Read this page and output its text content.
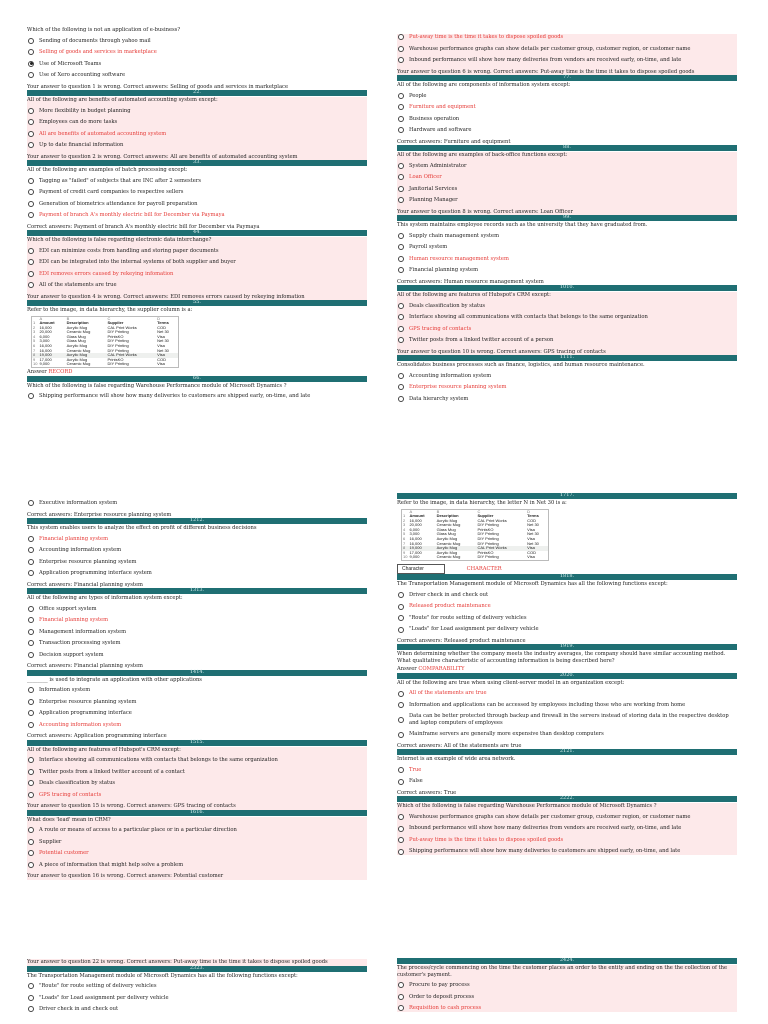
Which of the following is not an application of e-business?
Sending of documents through yahoo mail
Selling of goods and services in marketplace
Use of Microsoft Teams
Use of Xero accounting software
Your answer to question 1 is wrong. Correct answers: Selling of goods and services in marketplace
22.
All of the following are benefits of automated accounting system except:
More flexibility in budget planning
Employees can do more tasks
All are benefits of automated accounting system
Up to date financial information
Your answer to question 2 is wrong. Correct answers: All are benefits of automated accounting system
33.
All of the following are examples of batch processing except:
Tagging as "failed" of subjects that are INC after 2 semesters
Payment of credit card companies to respective sellers
Generation of biometrics attendance for payroll preparation
Payment of branch A's monthly electric bill for December via Paymaya
Correct answers: Payment of branch A's monthly electric bill for December via Paymaya
44.
Which of the following is false regarding electronic data interchange?
EDI can minimize costs from handling and storing paper documents
EDI can be integrated into the internal systems of both supplier and buyer
EDI removes errors caused by rekeying infomation
All of the statements are true
Your answer to question 4 is wrong. Correct answers: EDI removes errors caused by rekeying infomation
55.
Refer to the image, in data hierarchy, the supplier column is a:
	A	B	C	D
1	Amount	Description	Supplier	Terms
2	16,000	Acrylic Mug	CAL Print Works	COD
3	20,000	Ceramic Mug	DIY Printing	Net 30
4	6,000	Glass Mug	PrintsKO	Visa
5	3,000	Glass Mug	DIY Printing	Net 30
6	16,000	Acrylic Mug	DIY Printing	Visa
7	16,000	Ceramic Mug	DIY Printing	Net 30
8	19,000	Acrylic Mug	CAL Print Works	Visa
9	17,000	Acrylic Mug	PrintsKO	COD
10	9,000	Ceramic Mug	DIY Printing	Visa
Answer RECORD
66.
Which of the following is false regarding Warehouse Performance module of Microsoft Dynamics ?
Shipping performance will show how many deliveries to customers are shipped early, on-time, and late
Put-away time is the time it takes to dispose spoiled goods
Warehouse performance graphs can show details per customer group, customer region, or customer name
Inbound performance will show how many deliveries from vendors are received early, on-time, and late
Your answer to question 6 is wrong. Correct answers: Put-away time is the time it takes to dispose spoiled goods
77.
All of the following are components of information system except:
People
Furniture and equipment
Business operation
Hardware and software
Correct answers: Furniture and equipment
88.
All of the following are examples of back-office functions except:
System Administrator
Loan Officer
Janitorial Services
Planning Manager
Your answer to question 8 is wrong. Correct answers: Loan Officer
99.
This system maintains employee records such as the university that they have graduated from.
Supply chain management system
Payroll system
Human resource management system
Financial planning system
Correct answers: Human resource management system
1010.
All of the following are features of Hubspot's CRM except:
Deals classification by status
Interface showing all communications with contacts that belongs to the same organization
GPS tracing of contacts
Twitter posts from a linked twitter account of a person
Your answer to question 10 is wrong. Correct answers: GPS tracing of contacts
1111.
Consolidates business processes such as finance, logistics, and human resource maintenance.
Accounting information system
Enterprise resource planning system
Data hierarchy system
Executive information system
Correct answers: Enterprise resource planning system
1212.
This system enables users to analyze the effect on profit of different business decisions
Financial planning system
Accounting information system
Enterprise resource planning system
Application programming interface system
Correct answers: Financial planning system
1313.
All of the following are types of information system except:
Office support system
Financial planning system
Management information system
Transaction processing system
Decision support system
Correct answers: Financial planning system
1414.
________ is used to integrate an application with other applications
Information system
Enterprise resource planning system
Application programming interface
Accounting information system
Correct answers: Application programming interface
1515.
All of the following are features of Hubspot's CRM except:
Interface showing all communications with contacts that belongs to the same organization
Twitter posts from a linked twitter account of a contact
Deals classification by status
GPS tracing of contacts
Your answer to question 15 is wrong. Correct answers: GPS tracing of contacts
1616.
What does 'lead' mean in CRM?
A route or means of access to a particular place or in a particular direction
Supplier
Potential customer
A piece of information that might help solve a problem
Your answer to question 16 is wrong. Correct answers: Potential customer
1717.
Refer to the image, in data hierarchy, the letter N in Net 30 is a:
	A	B	C	D
1	Amount	Description	Supplier	Terms
2	16,000	Acrylic Mug	CAL Print Works	COD
3	20,000	Ceramic Mug	DIY Printing	Net 30
4	6,000	Glass Mug	PrintsKO	Visa
5	3,000	Glass Mug	DIY Printing	Net 30
6	16,000	Acrylic Mug	DIY Printing	Visa
7	16,000	Ceramic Mug	DIY Printing	Net 30
8	19,000	Acrylic Mug	CAL Print Works	Visa
9	17,000	Acrylic Mug	PrintsKO	COD
10	9,000	Ceramic Mug	DIY Printing	Visa
Character	CHARACTER
1818.
The Transportation Management module of Microsoft Dynamics has all the following functions except:
Driver check in and check out
Released product maintenance
"Route" for route setting of delivery vehicles
"Loads" for Load assignment per delivery vehicle
Correct answers: Released product maintenance
1919.
When determining whether the company meets the industry averages, the company should have similar accounting method. What qualitative characteristic of accounting information is being described here?
Answer COMPARABILITY
2020.
All of the following are true when using client-server model in an organization except:
All of the statements are true
Information and applications can be accessed by employees including those who are working from home
Data can be better protected through backup and firewall in the servers instead of storing data in the respective desktop and laptop computers of employees
Mainframe servers are generally more expensive than desktop computers
Correct answers: All of the statements are true
2121.
Internet is an example of wide area network.
True
False
Correct answers: True
2222.
Which of the following is false regarding Warehouse Performance module of Microsoft Dynamics ?
Warehouse performance graphs can show details per customer group, customer region, or customer name
Inbound performance will show how many deliveries from vendors are received early, on-time, and late
Put-away time is the time it takes to dispose spoiled goods
Shipping performance will show how many deliveries to customers are shipped early, on-time, and late
Your answer to question 22 is wrong. Correct answers: Put-away time is the time it takes to dispose spoiled goods
2323.
The Transportation Management module of Microsoft Dynamics has all the following functions except:
"Route" for route setting of delivery vehicles
"Loads" for Load assignment per delivery vehicle
Driver check in and check out
2424.
The process/cycle commencing on the time the customer places an order to the entity and ending on the the collection of the customer's payment.
Procure to pay process
Order to deposit process
Requisition to cash process
